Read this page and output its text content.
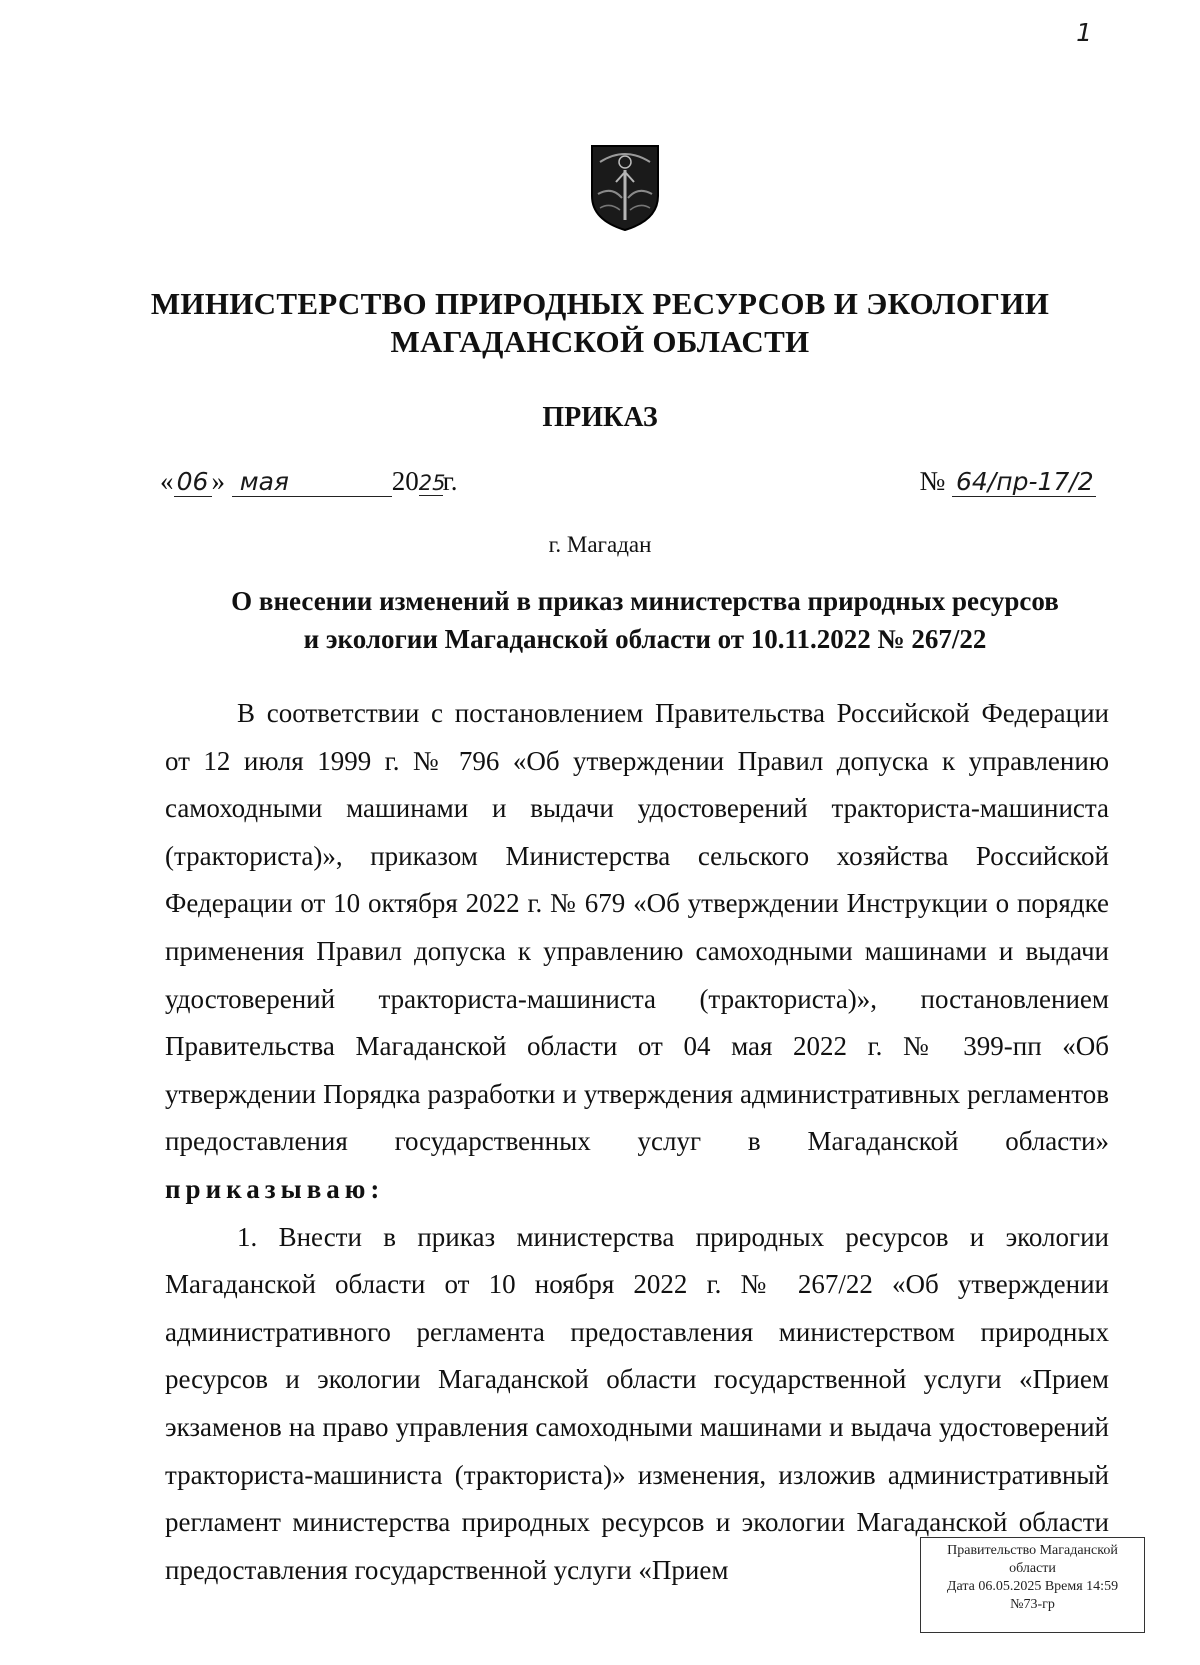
1
МИНИСТЕРСТВО ПРИРОДНЫХ РЕСУРСОВ И ЭКОЛОГИИ
МАГАДАНСКОЙ ОБЛАСТИ
ПРИКАЗ
« 06 » мая	2025г.	№ 64/пр-17/2
г. Магадан
О внесении изменений в приказ министерства природных ресурсов
и экологии Магаданской области от 10.11.2022 № 267/22

В соответствии с постановлением Правительства Российской Федерации от 12 июля 1999 г. № 796 «Об утверждении Правил допуска к управлению самоходными машинами и выдачи удостоверений тракториста-машиниста (тракториста)», приказом Министерства сельского хозяйства Российской Федерации от 10 октября 2022 г. № 679 «Об утверждении Инструкции о порядке применения Правил допуска к управлению самоходными машинами и выдачи удостоверений тракториста-машиниста (тракториста)», постановлением Правительства Магаданской области от 04 мая 2022 г. № 399-пп «Об утверждении Порядка разработки и утверждения административных регламентов предоставления государственных услуг в Магаданской области» приказываю:

1. Внести в приказ министерства природных ресурсов и экологии Магаданской области от 10 ноября 2022 г. № 267/22 «Об утверждении административного регламента предоставления министерством природных ресурсов и экологии Магаданской области государственной услуги «Прием экзаменов на право управления самоходными машинами и выдача удостоверений тракториста-машиниста (тракториста)» изменения, изложив административный регламент министерства природных ресурсов и экологии Магаданской области предоставления государственной услуги «Прием

Правительство Магаданской
области
Дата 06.05.2025 Время 14:59
№73-гр
